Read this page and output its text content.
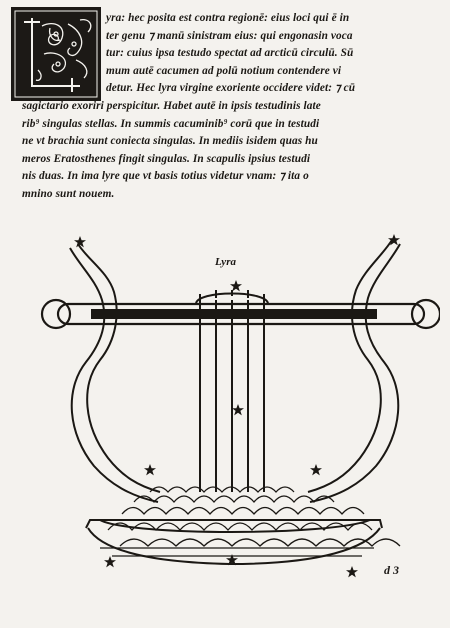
yra: hec posita est contra regionē: eius loci qui ē in
ter genu ⁊ manū sinistram eius: qui engonasin voca
tur: cuius ipsa testudo spectat ad arcticū circulū. Sū
mum autē cacumen ad polū notium contendere vi
detur. Hec lyra virgine exoriente occidere videt: ⁊ cū
sagictario exoriri perspicitur. Habet autē in ipsis testudinis late
rib⁹ singulas stellas. In summis cacuminib⁹ corū que in testudi
ne vt brachia sunt coniecta singulas. In mediis isidem quas hu
meros Eratosthenes fingit singulas. In scapulis ipsius testudi
nis duas. In ima lyre que vt basis totius videtur vnam: ⁊ ita o
mnino sunt nouem.
Lyra
d 3
